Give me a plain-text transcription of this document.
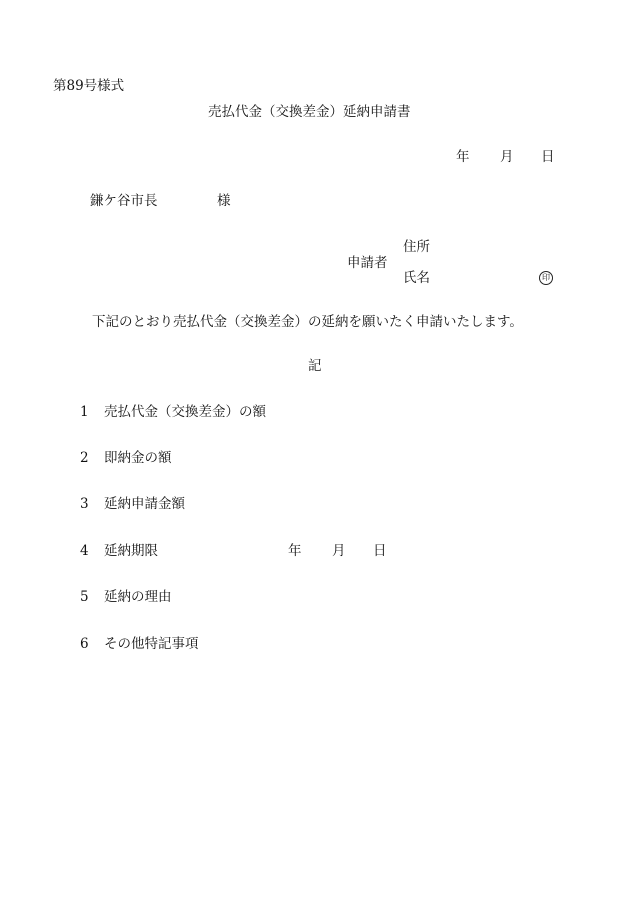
第89号様式
売払代金（交換差金）延納申請書
年 月 日
鎌ケ谷市長	様
申請者
住所
氏名	印
下記のとおり売払代金（交換差金）の延納を願いたく申請いたします。
記
1 売払代金（交換差金）の額
2 即納金の額
3 延納申請金額
4 延納期限	年 月 日
5 延納の理由
6 その他特記事項
